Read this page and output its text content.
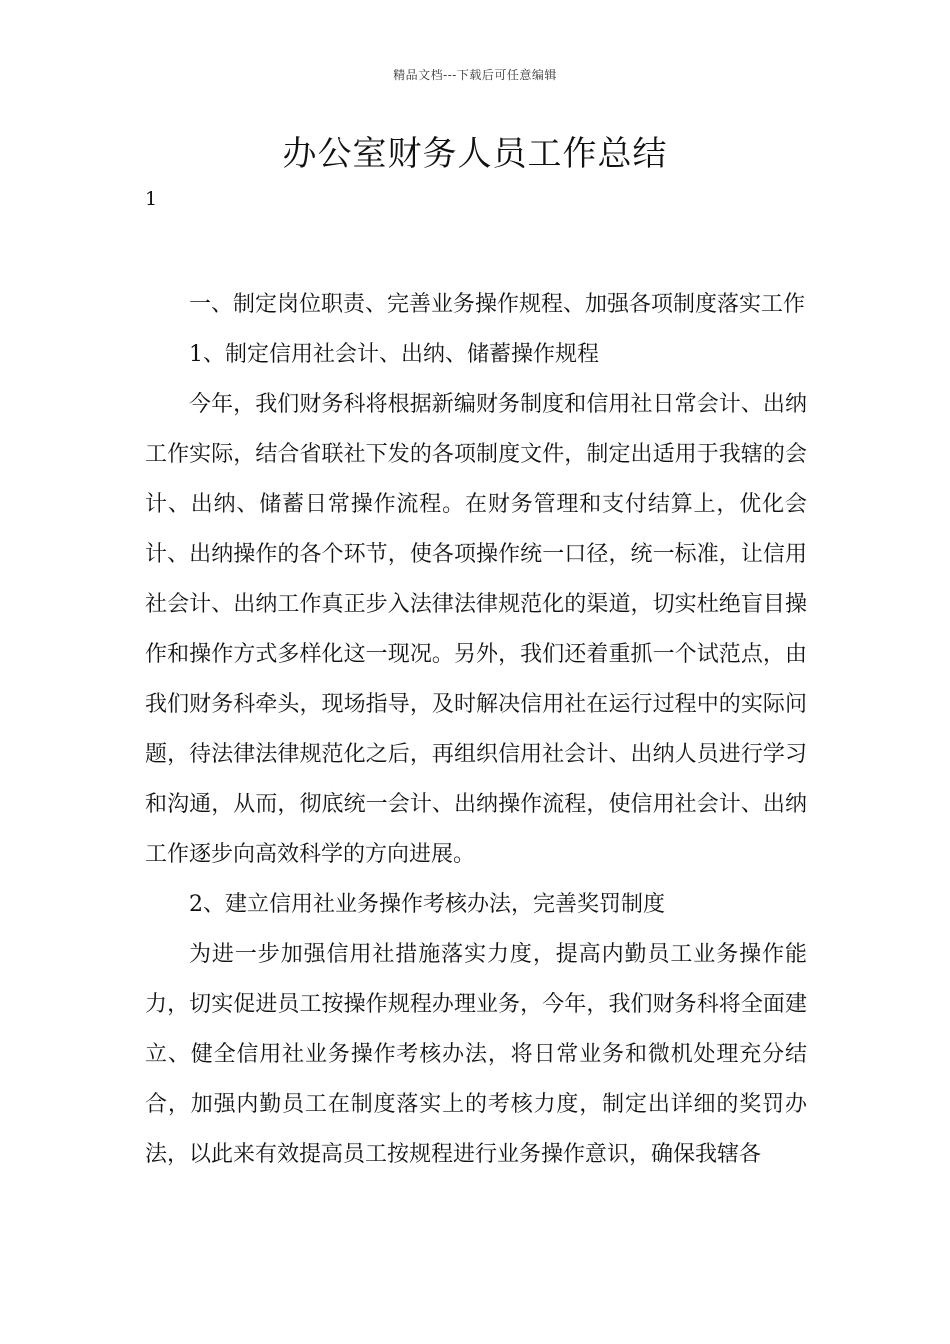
精品文档---下载后可任意编辑
办公室财务人员工作总结
1

一、制定岗位职责、完善业务操作规程、加强各项制度落实工作

1、制定信用社会计、出纳、储蓄操作规程

今年，我们财务科将根据新编财务制度和信用社日常会计、出纳工作实际，结合省联社下发的各项制度文件，制定出适用于我辖的会计、出纳、储蓄日常操作流程。在财务管理和支付结算上，优化会计、出纳操作的各个环节，使各项操作统一口径，统一标准，让信用社会计、出纳工作真正步入法律法律规范化的渠道，切实杜绝盲目操作和操作方式多样化这一现况。另外，我们还着重抓一个试范点，由我们财务科牵头，现场指导，及时解决信用社在运行过程中的实际问题，待法律法律规范化之后，再组织信用社会计、出纳人员进行学习和沟通，从而，彻底统一会计、出纳操作流程，使信用社会计、出纳工作逐步向高效科学的方向进展。

2、建立信用社业务操作考核办法，完善奖罚制度

为进一步加强信用社措施落实力度，提高内勤员工业务操作能力，切实促进员工按操作规程办理业务，今年，我们财务科将全面建立、健全信用社业务操作考核办法，将日常业务和微机处理充分结合，加强内勤员工在制度落实上的考核力度，制定出详细的奖罚办法，以此来有效提高员工按规程进行业务操作意识，确保我辖各
